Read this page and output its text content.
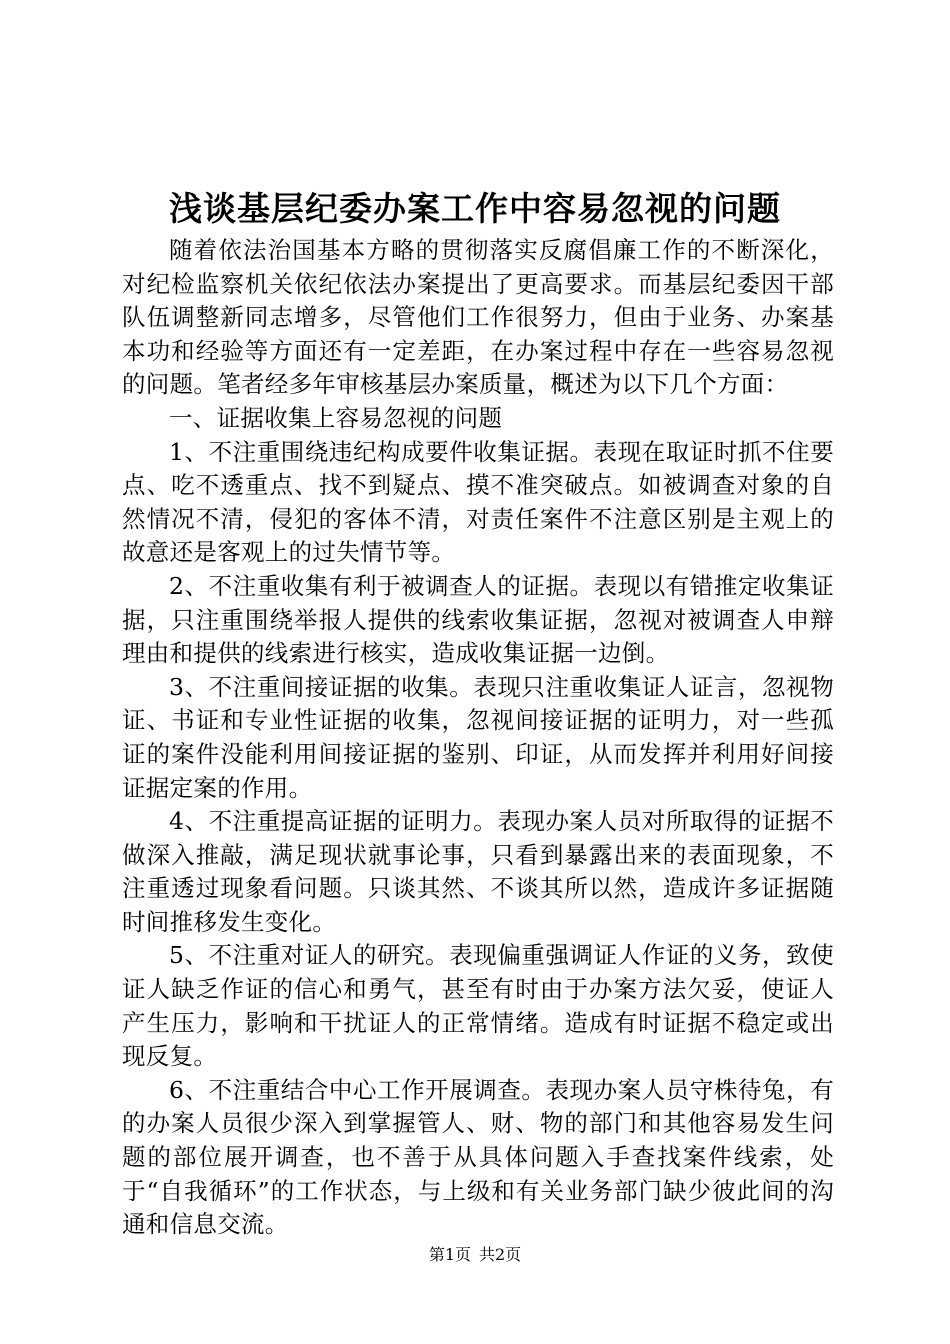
浅谈基层纪委办案工作中容易忽视的问题

随着依法治国基本方略的贯彻落实反腐倡廉工作的不断深化，对纪检监察机关依纪依法办案提出了更高要求。而基层纪委因干部队伍调整新同志增多，尽管他们工作很努力，但由于业务、办案基本功和经验等方面还有一定差距，在办案过程中存在一些容易忽视的问题。笔者经多年审核基层办案质量，概述为以下几个方面：

一、证据收集上容易忽视的问题

1、不注重围绕违纪构成要件收集证据。表现在取证时抓不住要点、吃不透重点、找不到疑点、摸不准突破点。如被调查对象的自然情况不清，侵犯的客体不清，对责任案件不注意区别是主观上的故意还是客观上的过失情节等。

2、不注重收集有利于被调查人的证据。表现以有错推定收集证据，只注重围绕举报人提供的线索收集证据，忽视对被调查人申辩理由和提供的线索进行核实，造成收集证据一边倒。

3、不注重间接证据的收集。表现只注重收集证人证言，忽视物证、书证和专业性证据的收集，忽视间接证据的证明力，对一些孤证的案件没能利用间接证据的鉴别、印证，从而发挥并利用好间接证据定案的作用。

4、不注重提高证据的证明力。表现办案人员对所取得的证据不做深入推敲，满足现状就事论事，只看到暴露出来的表面现象，不注重透过现象看问题。只谈其然、不谈其所以然，造成许多证据随时间推移发生变化。

5、不注重对证人的研究。表现偏重强调证人作证的义务，致使证人缺乏作证的信心和勇气，甚至有时由于办案方法欠妥，使证人产生压力，影响和干扰证人的正常情绪。造成有时证据不稳定或出现反复。

6、不注重结合中心工作开展调查。表现办案人员守株待兔，有的办案人员很少深入到掌握管人、财、物的部门和其他容易发生问题的部位展开调查，也不善于从具体问题入手查找案件线索，处于“自我循环”的工作状态，与上级和有关业务部门缺少彼此间的沟通和信息交流。

第1页 共2页
